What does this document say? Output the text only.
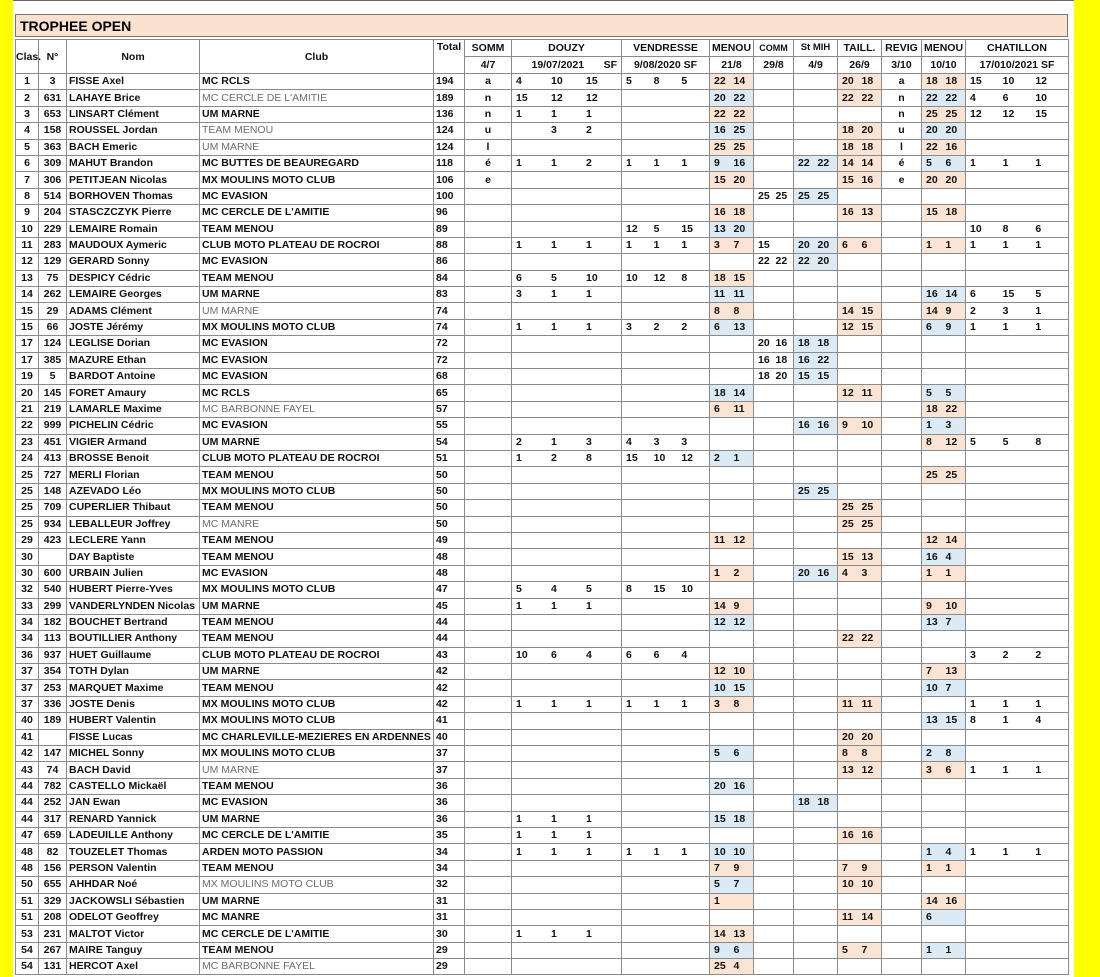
TROPHEE OPEN
Clas.	N°	Nom	Club	Total	SOMM	DOUZY	VENDRESSE	MENOU	COMM	St MIH	TAILL.	REVIG	MENOU	CHATILLON
					4/7	19/07/2021 SF	9/08/2020 SF	21/8	29/8	4/9	26/9	3/10	10/10	17/010/2021 SF
1	3	FISSE Axel	MC RCLS	194	a	4 10 15	5 8 5	22 14			20 18	a	18 18	15 10 12

2	631	LAHAYE Brice	MC CERCLE DE L'AMITIE	189	n	15 12 12		20 22			22 22	n	22 22	4 6 10

3	653	LINSART Clément	UM MARNE	136	n	1 1 1		22 22				n	25 25	12 12 15

4	158	ROUSSEL Jordan	TEAM MENOU	124	u	3 2		16 25			18 20	u	20 20	

5	363	BACH Emeric	UM MARNE	124	l			25 25			18 18	l	22 16	

6	309	MAHUT Brandon	MC BUTTES DE BEAUREGARD	118	é	1 1 2	1 1 1	9 16		22 22	14 14	é	5 6	1 1 1

7	306	PETITJEAN Nicolas	MX MOULINS MOTO CLUB	106	e			15 20			15 16	e	20 20	

8	514	BORHOVEN Thomas	MC EVASION	100					25 25	25 25				

9	204	STASCZCZYK Pierre	MC CERCLE DE L'AMITIE	96				16 18			16 13		15 18	

10	229	LEMAIRE Romain	TEAM MENOU	89			12 5 15	13 20						10 8 6

11	283	MAUDOUX Aymeric	CLUB MOTO PLATEAU DE ROCROI	88		1 1 1	1 1 1	3 7	15	20 20	6 6		1 1	1 1 1

12	129	GERARD Sonny	MC EVASION	86					22 22	22 20				

13	75	DESPICY Cédric	TEAM MENOU	84		6 5 10	10 12 8	18 15						

14	262	LEMAIRE Georges	UM MARNE	83		3 1 1		11 11					16 14	6 15 5

15	29	ADAMS Clément	UM MARNE	74				8 8			14 15		14 9	2 3 1

15	66	JOSTE Jérémy	MX MOULINS MOTO CLUB	74		1 1 1	3 2 2	6 13			12 15		6 9	1 1 1

17	124	LEGLISE Dorian	MC EVASION	72					20 16	18 18				

17	385	MAZURE Ethan	MC EVASION	72					16 18	16 22				

19	5	BARDOT Antoine	MC EVASION	68					18 20	15 15				

20	145	FORET Amaury	MC RCLS	65				18 14			12 11		5 5	

21	219	LAMARLE Maxime	MC BARBONNE FAYEL	57				6 11					18 22	

22	999	PICHELIN Cédric	MC EVASION	55						16 16	9 10		1 3	

23	451	VIGIER Armand	UM MARNE	54		2 1 3	4 3 3						8 12	5 5 8

24	413	BROSSE Benoit	CLUB MOTO PLATEAU DE ROCROI	51		1 2 8	15 10 12	2 1						

25	727	MERLI Florian	TEAM MENOU	50									25 25	

25	148	AZEVADO Léo	MX MOULINS MOTO CLUB	50						25 25				

25	709	CUPERLIER Thibaut	TEAM MENOU	50							25 25			

25	934	LEBALLEUR Joffrey	MC MANRE	50							25 25			

29	423	LECLERE Yann	TEAM MENOU	49				11 12					12 14	

30		DAY Baptiste	TEAM MENOU	48							15 13		16 4	

30	600	URBAIN Julien	MC EVASION	48				1 2		20 16	4 3		1 1	

32	540	HUBERT Pierre-Yves	MX MOULINS MOTO CLUB	47		5 4 5	8 15 10							

33	299	VANDERLYNDEN Nicolas	UM MARNE	45		1 1 1		14 9					9 10	

34	182	BOUCHET Bertrand	TEAM MENOU	44				12 12					13 7	

34	113	BOUTILLIER Anthony	TEAM MENOU	44							22 22			

36	937	HUET Guillaume	CLUB MOTO PLATEAU DE ROCROI	43		10 6 4	6 6 4							3 2 2

37	354	TOTH Dylan	UM MARNE	42				12 10					7 13	

37	253	MARQUET Maxime	TEAM MENOU	42				10 15					10 7	

37	336	JOSTE Denis	MX MOULINS MOTO CLUB	42		1 1 1	1 1 1	3 8			11 11			1 1 1

40	189	HUBERT Valentin	MX MOULINS MOTO CLUB	41									13 15	8 1 4

41		FISSE Lucas	MC CHARLEVILLE-MEZIERES EN ARDENNES	40							20 20			

42	147	MICHEL Sonny	MX MOULINS MOTO CLUB	37				5 6			8 8		2 8	

43	74	BACH David	UM MARNE	37							13 12		3 6	1 1 1

44	782	CASTELLO Mickaël	TEAM MENOU	36				20 16						

44	252	JAN Ewan	MC EVASION	36						18 18				

44	317	RENARD Yannick	UM MARNE	36		1 1 1		15 18						

47	659	LADEUILLE Anthony	MC CERCLE DE L'AMITIE	35		1 1 1					16 16			

48	82	TOUZELET Thomas	ARDEN MOTO PASSION	34		1 1 1	1 1 1	10 10					1 4	1 1 1

48	156	PERSON Valentin	TEAM MENOU	34				7 9			7 9		1 1	

50	655	AHHDAR Noé	MX MOULINS MOTO CLUB	32				5 7			10 10			

51	329	JACKOWSLI Sébastien	UM MARNE	31				1					14 16	

51	208	ODELOT Geoffrey	MC MANRE	31							11 14		6	

53	231	MALTOT Victor	MC CERCLE DE L'AMITIE	30		1 1 1		14 13						

54	267	MAIRE Tanguy	TEAM MENOU	29				9 6			5 7		1 1	

54	131	HERCOT Axel	MC BARBONNE FAYEL	29				25 4						
